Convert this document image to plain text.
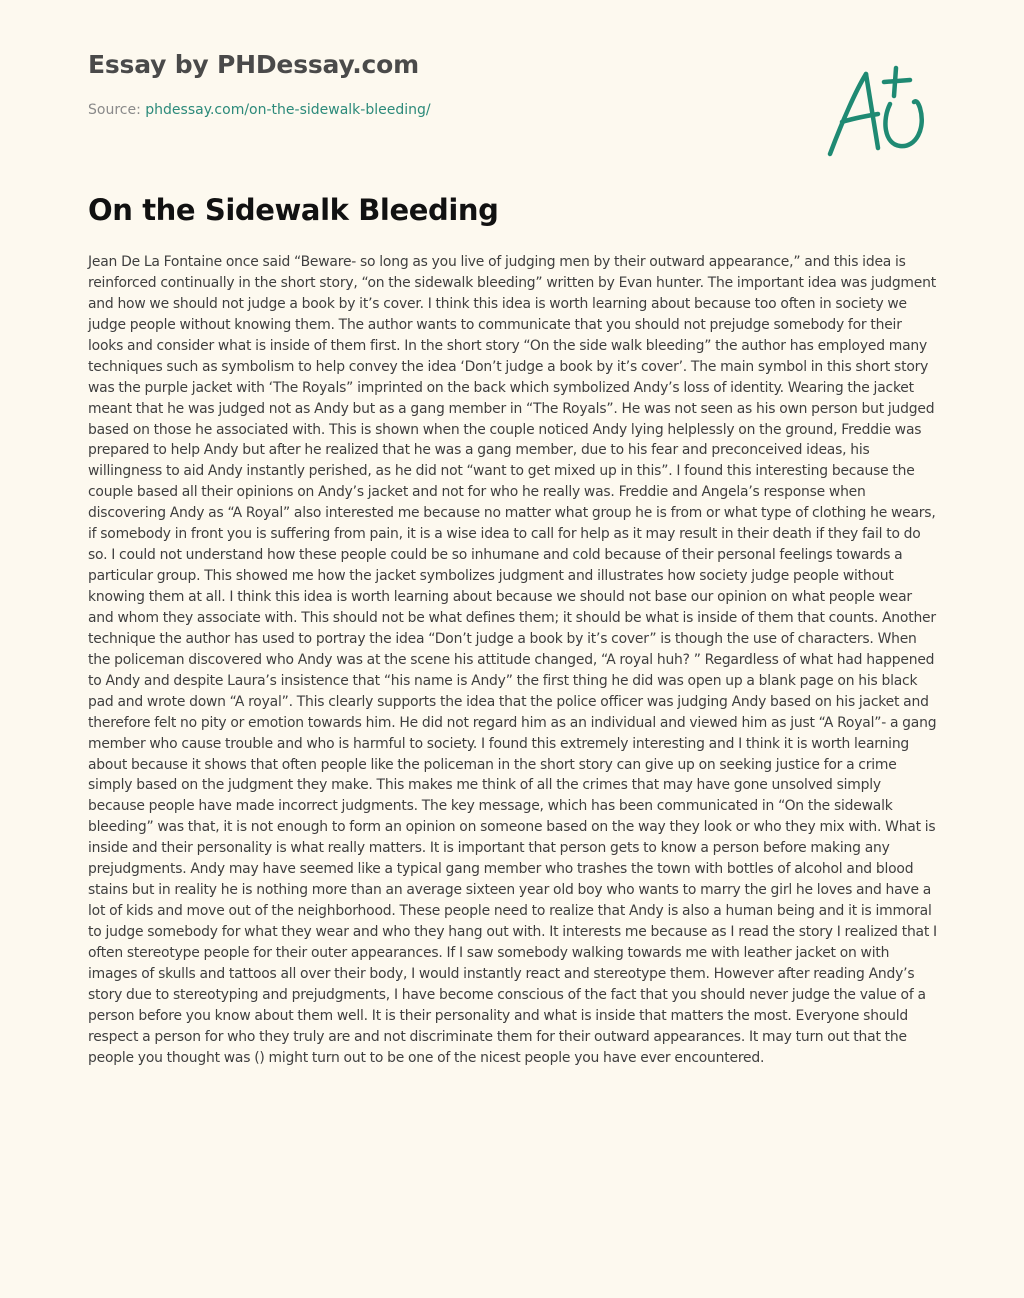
Essay by PHDessay.com
Source: phdessay.com/on-the-sidewalk-bleeding/
On the Sidewalk Bleeding

Jean De La Fontaine once said “Beware- so long as you live of judging men by their outward appearance,” and this idea is reinforced continually in the short story, “on the sidewalk bleeding” written by Evan hunter. The important idea was judgment and how we should not judge a book by it’s cover. I think this idea is worth learning about because too often in society we judge people without knowing them. The author wants to communicate that you should not prejudge somebody for their looks and consider what is inside of them first. In the short story “On the side walk bleeding” the author has employed many techniques such as symbolism to help convey the idea ‘Don’t judge a book by it’s cover’. The main symbol in this short story was the purple jacket with ‘The Royals” imprinted on the back which symbolized Andy’s loss of identity. Wearing the jacket meant that he was judged not as Andy but as a gang member in “The Royals”. He was not seen as his own person but judged based on those he associated with. This is shown when the couple noticed Andy lying helplessly on the ground, Freddie was prepared to help Andy but after he realized that he was a gang member, due to his fear and preconceived ideas, his willingness to aid Andy instantly perished, as he did not “want to get mixed up in this”. I found this interesting because the couple based all their opinions on Andy’s jacket and not for who he really was. Freddie and Angela’s response when discovering Andy as “A Royal” also interested me because no matter what group he is from or what type of clothing he wears, if somebody in front you is suffering from pain, it is a wise idea to call for help as it may result in their death if they fail to do so. I could not understand how these people could be so inhumane and cold because of their personal feelings towards a particular group. This showed me how the jacket symbolizes judgment and illustrates how society judge people without knowing them at all. I think this idea is worth learning about because we should not base our opinion on what people wear and whom they associate with. This should not be what defines them; it should be what is inside of them that counts. Another technique the author has used to portray the idea “Don’t judge a book by it’s cover” is though the use of characters. When the policeman discovered who Andy was at the scene his attitude changed, “A royal huh? ” Regardless of what had happened to Andy and despite Laura’s insistence that “his name is Andy” the first thing he did was open up a blank page on his black pad and wrote down “A royal”. This clearly supports the idea that the police officer was judging Andy based on his jacket and therefore felt no pity or emotion towards him. He did not regard him as an individual and viewed him as just “A Royal”- a gang member who cause trouble and who is harmful to society. I found this extremely interesting and I think it is worth learning about because it shows that often people like the policeman in the short story can give up on seeking justice for a crime simply based on the judgment they make. This makes me think of all the crimes that may have gone unsolved simply because people have made incorrect judgments. The key message, which has been communicated in “On the sidewalk bleeding” was that, it is not enough to form an opinion on someone based on the way they look or who they mix with. What is inside and their personality is what really matters. It is important that person gets to know a person before making any prejudgments. Andy may have seemed like a typical gang member who trashes the town with bottles of alcohol and blood stains but in reality he is nothing more than an average sixteen year old boy who wants to marry the girl he loves and have a lot of kids and move out of the neighborhood. These people need to realize that Andy is also a human being and it is immoral to judge somebody for what they wear and who they hang out with. It interests me because as I read the story I realized that I often stereotype people for their outer appearances. If I saw somebody walking towards me with leather jacket on with images of skulls and tattoos all over their body, I would instantly react and stereotype them. However after reading Andy’s story due to stereotyping and prejudgments, I have become conscious of the fact that you should never judge the value of a person before you know about them well. It is their personality and what is inside that matters the most. Everyone should respect a person for who they truly are and not discriminate them for their outward appearances. It may turn out that the people you thought was () might turn out to be one of the nicest people you have ever encountered.
